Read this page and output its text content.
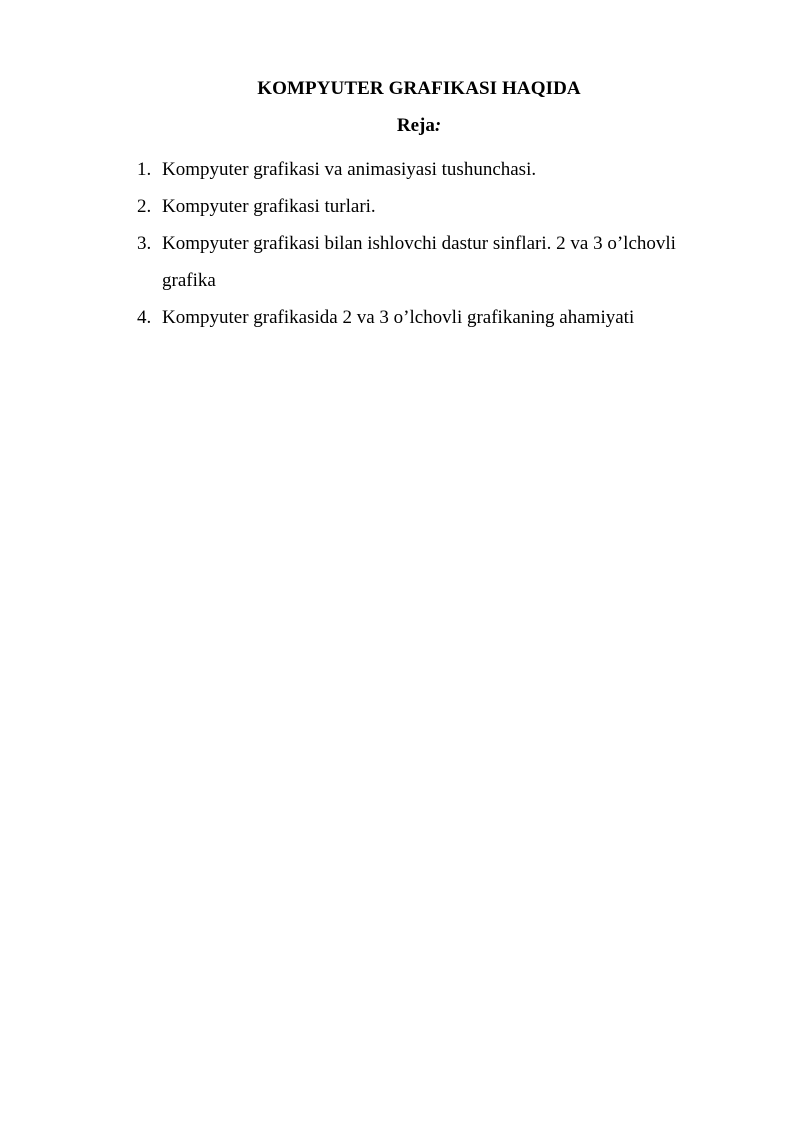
KOMPYUTER GRAFIKASI HAQIDA
Reja:
1. Kompyuter grafikasi va animasiyasi tushunchasi.
2. Kompyuter grafikasi turlari.
3. Kompyuter grafikasi bilan ishlovchi dastur sinflari. 2 va 3 o’lchovli grafika
4. Kompyuter grafikasida 2 va 3 o’lchovli grafikaning ahamiyati
